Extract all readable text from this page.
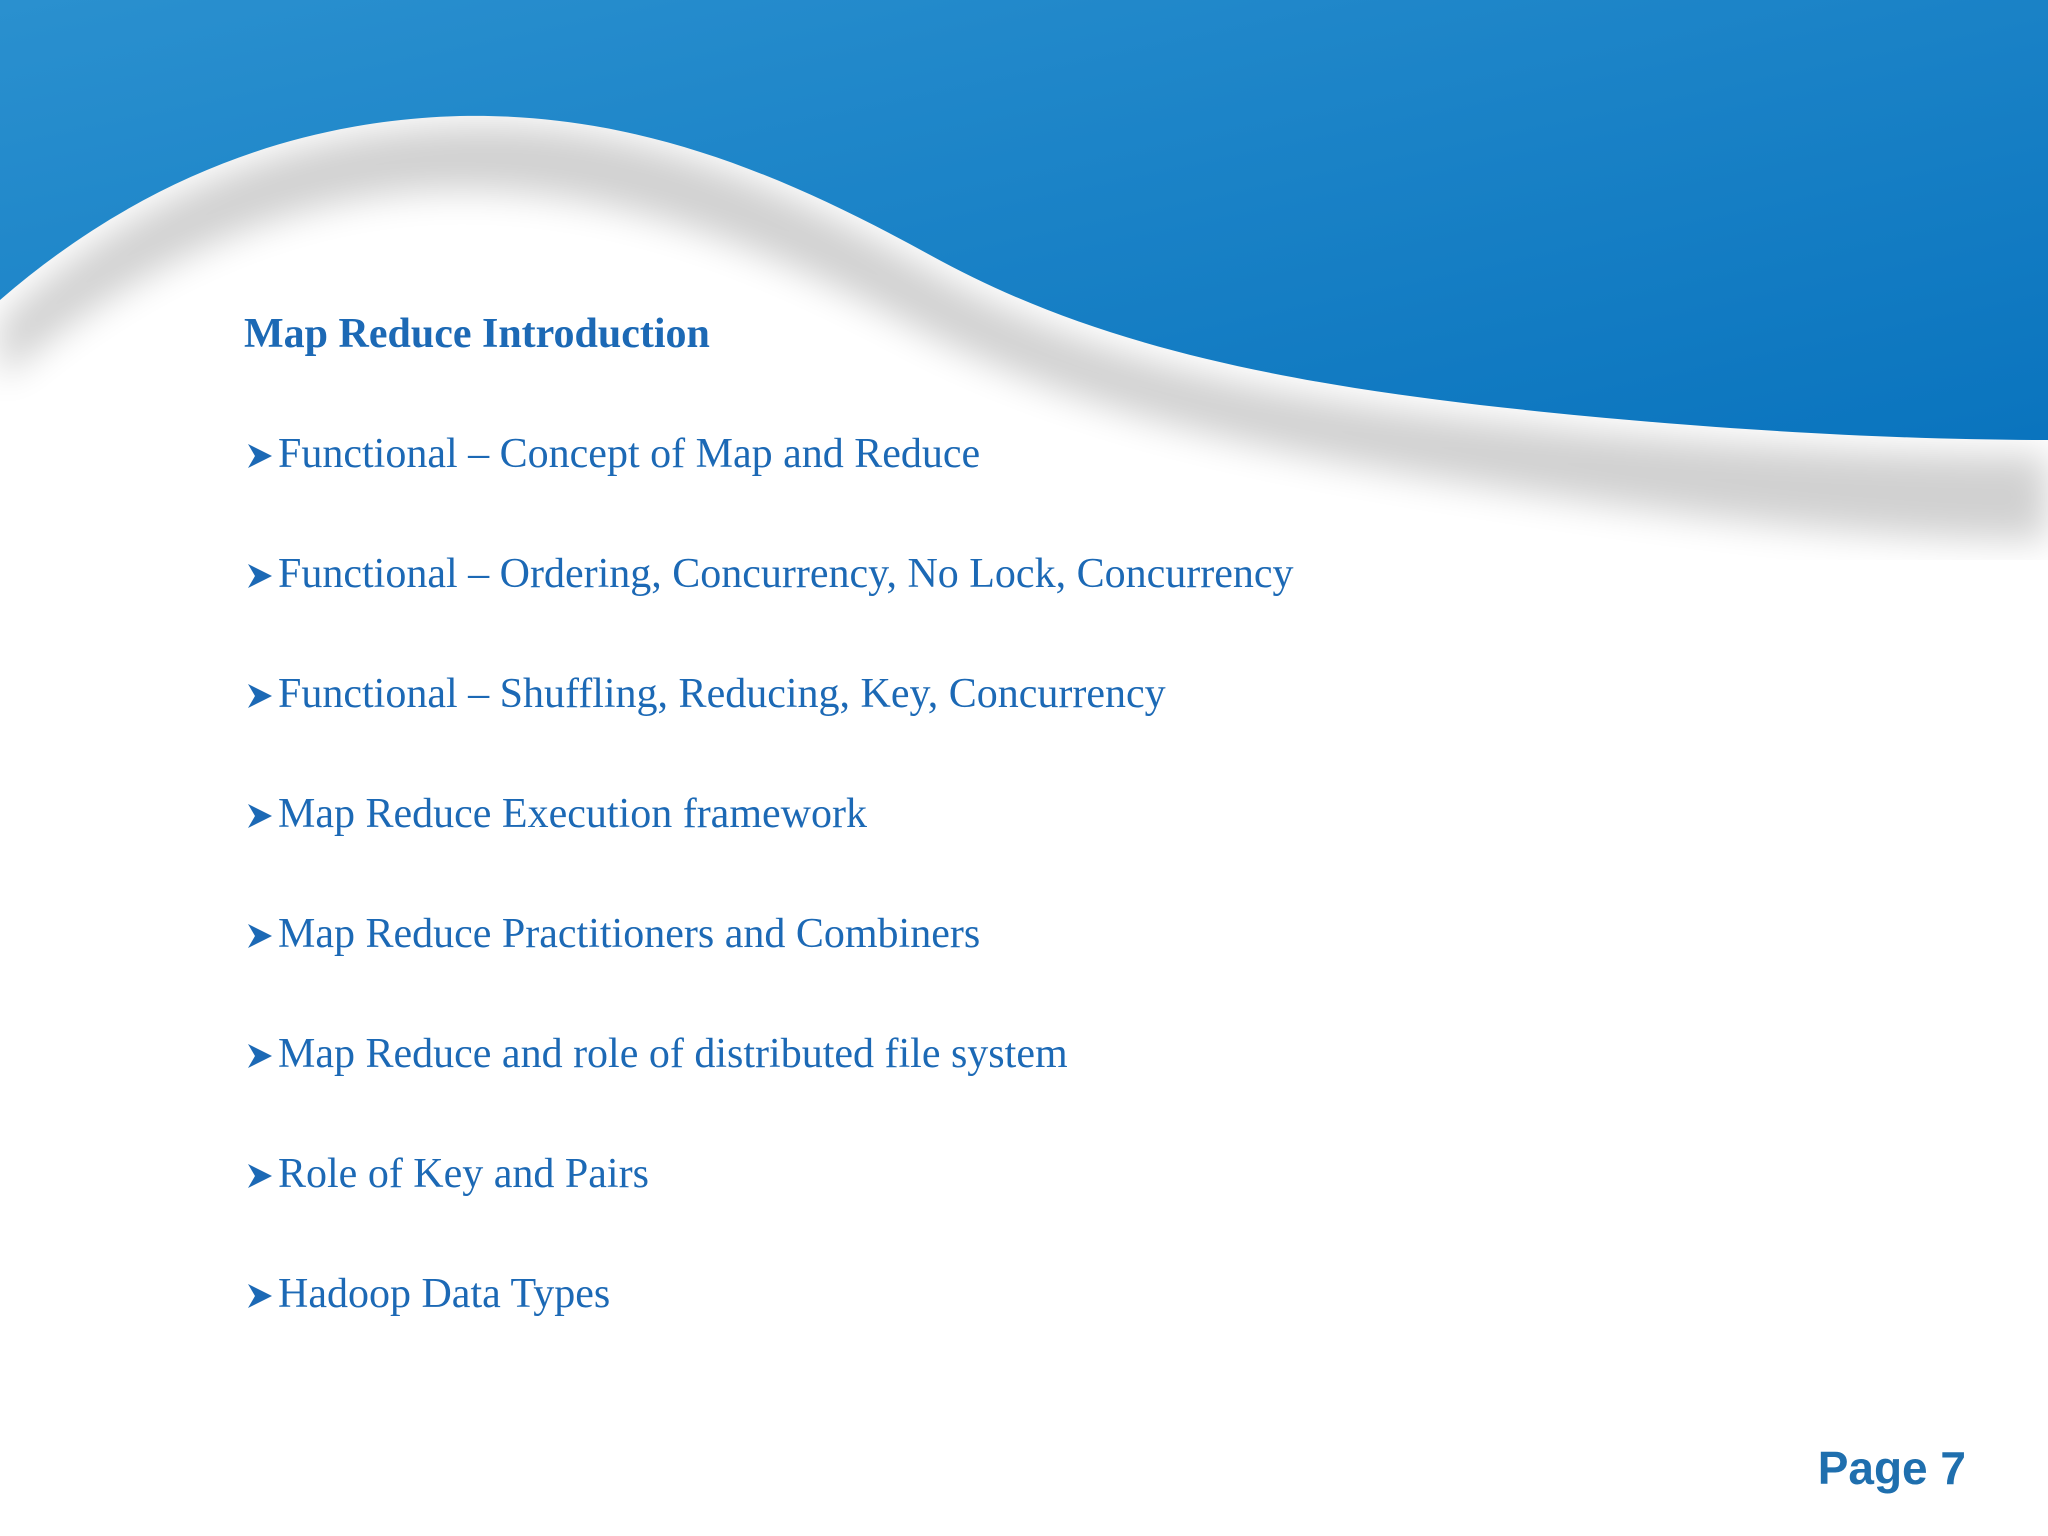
Map Reduce Introduction
Functional – Concept of Map and Reduce
Functional – Ordering, Concurrency, No Lock, Concurrency
Functional – Shuffling, Reducing, Key, Concurrency
Map Reduce Execution framework
Map Reduce Practitioners and Combiners
Map Reduce and role of distributed file system
Role of Key and Pairs
Hadoop Data Types
Page 7
